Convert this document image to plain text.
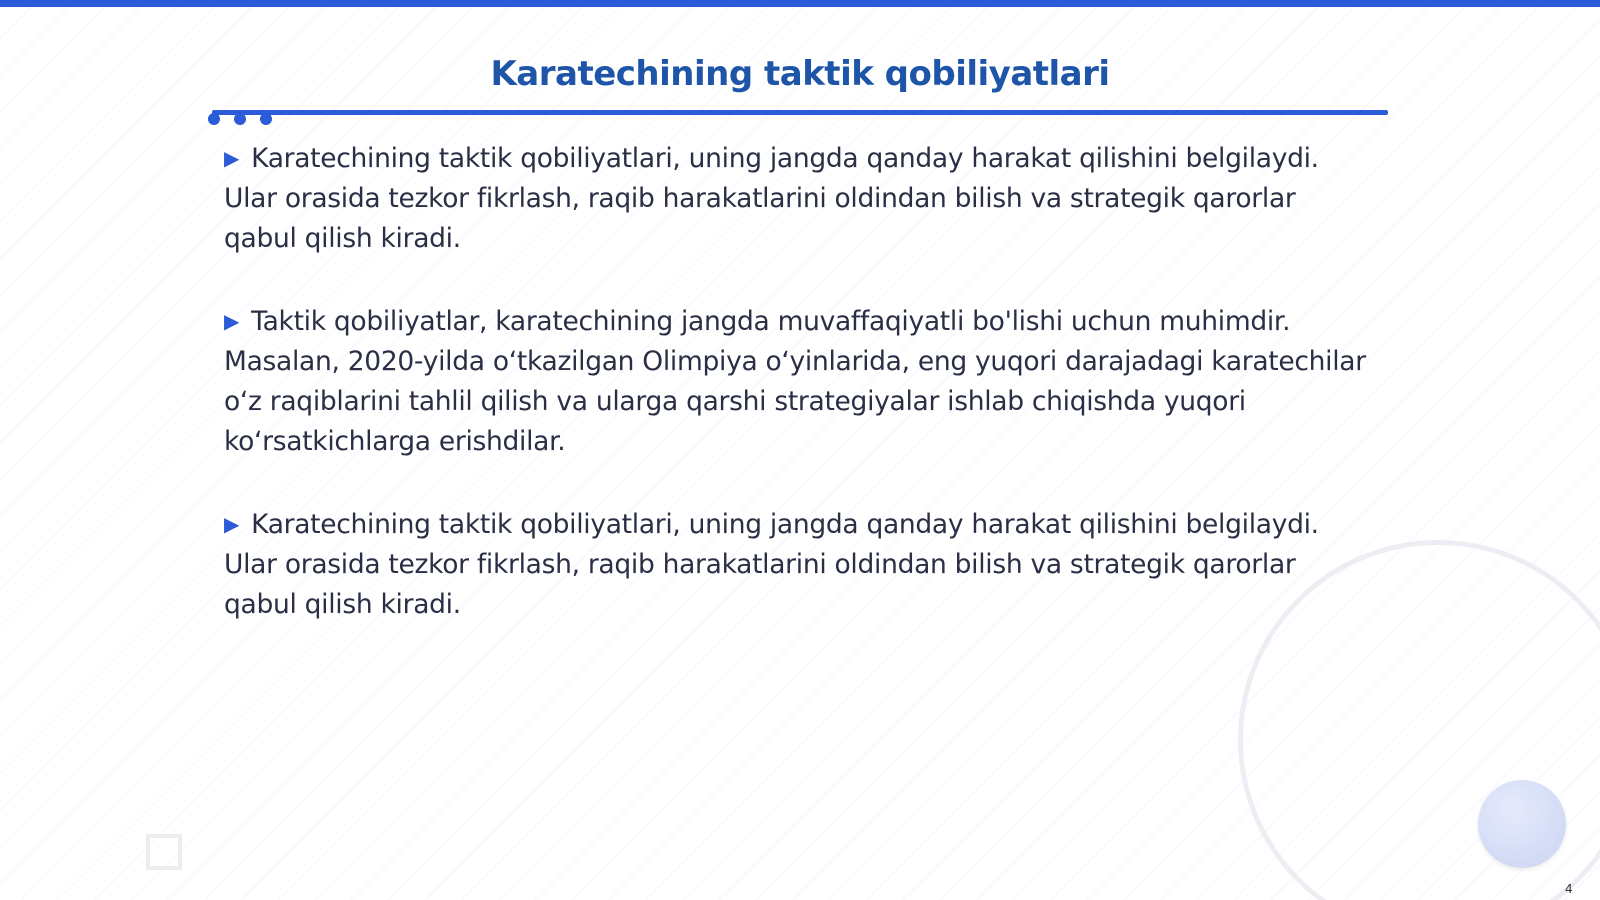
Karatechining taktik qobiliyatlari

▶ Karatechining taktik qobiliyatlari, uning jangda qanday harakat qilishini belgilaydi. Ular orasida tezkor fikrlash, raqib harakatlarini oldindan bilish va strategik qarorlar qabul qilish kiradi.

▶ Taktik qobiliyatlar, karatechining jangda muvaffaqiyatli bo'lishi uchun muhimdir. Masalan, 2020-yilda oʻtkazilgan Olimpiya oʻyinlarida, eng yuqori darajadagi karatechilar oʻz raqiblarini tahlil qilish va ularga qarshi strategiyalar ishlab chiqishda yuqori koʻrsatkichlarga erishdilar.

▶ Karatechining taktik qobiliyatlari, uning jangda qanday harakat qilishini belgilaydi. Ular orasida tezkor fikrlash, raqib harakatlarini oldindan bilish va strategik qarorlar qabul qilish kiradi.

4
